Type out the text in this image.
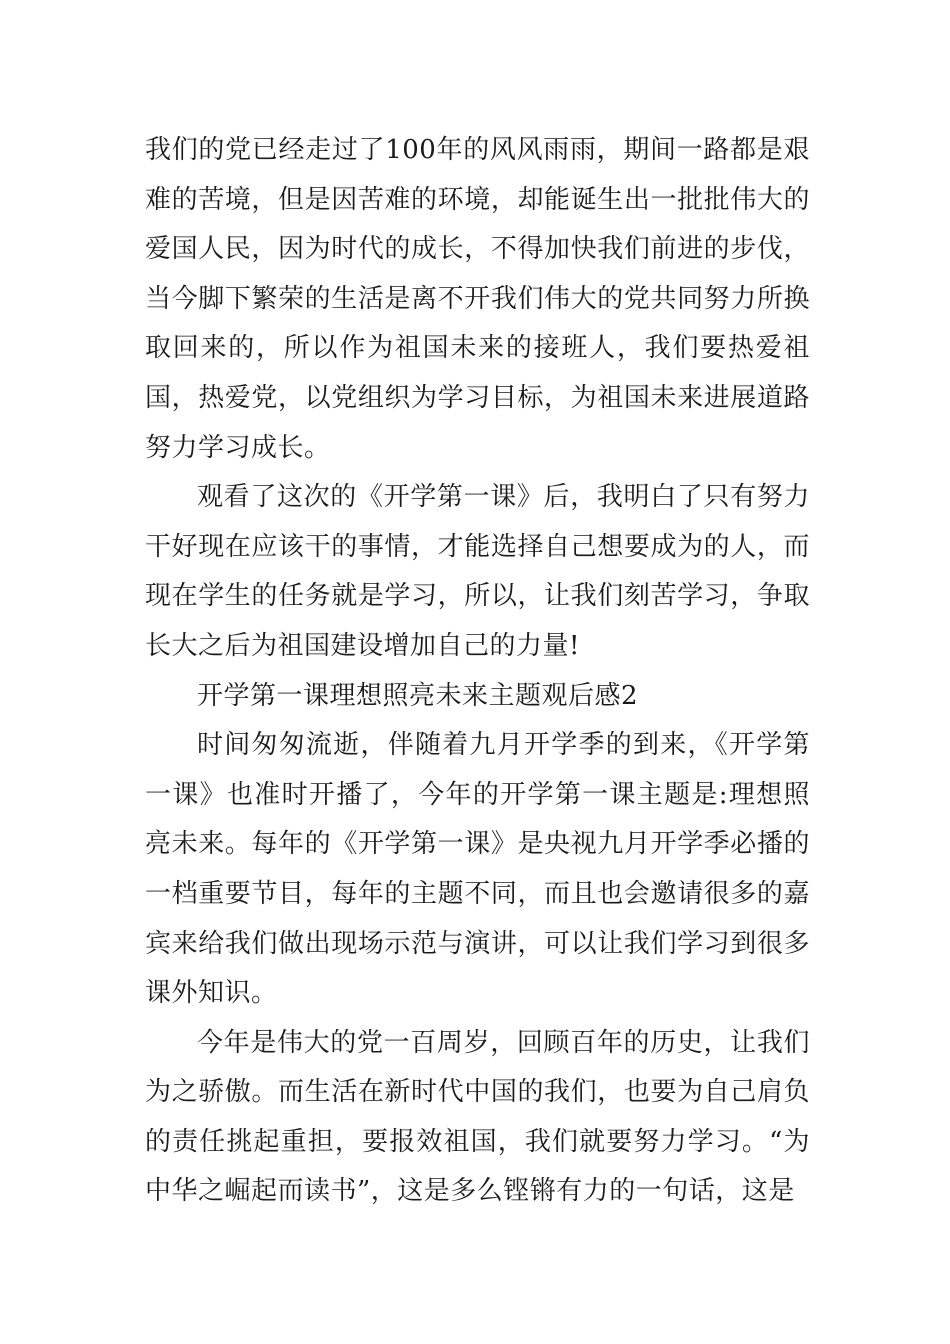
我们的党已经走过了100年的风风雨雨，期间一路都是艰难的苦境，但是因苦难的环境，却能诞生出一批批伟大的爱国人民，因为时代的成长，不得加快我们前进的步伐，当今脚下繁荣的生活是离不开我们伟大的党共同努力所换取回来的，所以作为祖国未来的接班人，我们要热爱祖国，热爱党，以党组织为学习目标，为祖国未来进展道路努力学习成长。

观看了这次的《开学第一课》后，我明白了只有努力干好现在应该干的事情，才能选择自己想要成为的人，而现在学生的任务就是学习，所以，让我们刻苦学习，争取长大之后为祖国建设增加自己的力量!

开学第一课理想照亮未来主题观后感2

时间匆匆流逝，伴随着九月开学季的到来，《开学第一课》也准时开播了，今年的开学第一课主题是:理想照亮未来。每年的《开学第一课》是央视九月开学季必播的一档重要节目，每年的主题不同，而且也会邀请很多的嘉宾来给我们做出现场示范与演讲，可以让我们学习到很多课外知识。

今年是伟大的党一百周岁，回顾百年的历史，让我们为之骄傲。而生活在新时代中国的我们，也要为自己肩负的责任挑起重担，要报效祖国，我们就要努力学习。“为中华之崛起而读书”，这是多么铿锵有力的一句话，这是
